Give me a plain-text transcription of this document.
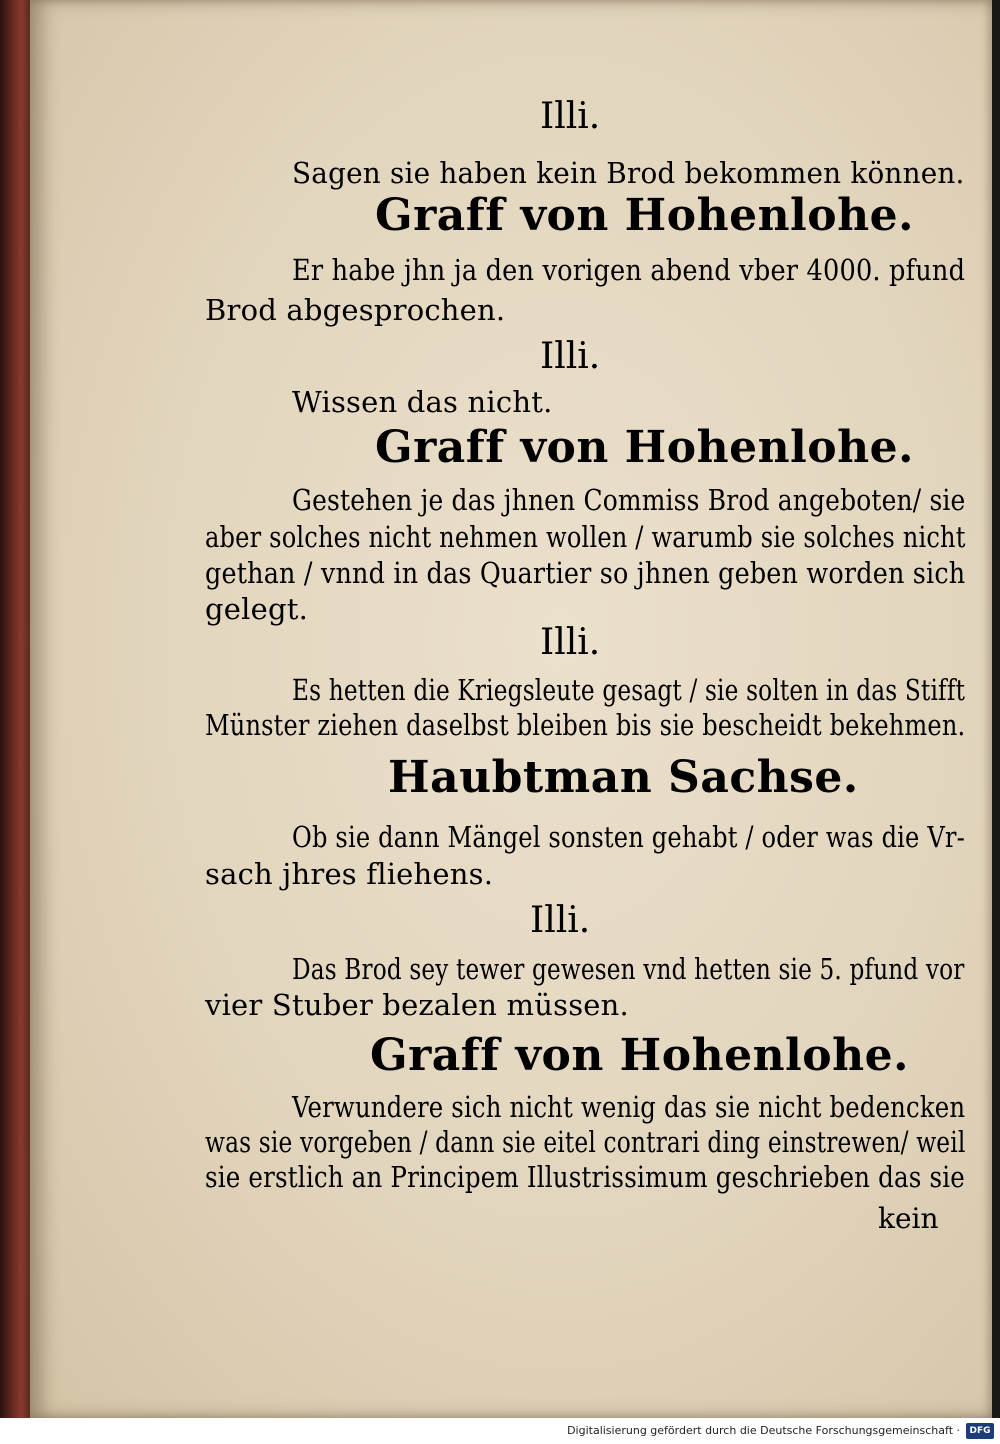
Illi.
Sagen sie haben kein Brod bekommen können.
Graff von Hohenlohe.
Er habe jhn ja den vorigen abend vber 4000. pfund
Brod abgesprochen.
Illi.
Wissen das nicht.
Graff von Hohenlohe.
Gestehen je das jhnen Commiss Brod angeboten/ sie
aber solches nicht nehmen wollen / warumb sie solches nicht
gethan / vnnd in das Quartier so jhnen geben worden sich
gelegt.
Illi.
Es hetten die Kriegsleute gesagt / sie solten in das Stifft
Münster ziehen daselbst bleiben bis sie bescheidt bekehmen.
Haubtman Sachse.
Ob sie dann Mängel sonsten gehabt / oder was die Vr-
sach jhres fliehens.
Illi.
Das Brod sey tewer gewesen vnd hetten sie 5. pfund vor
vier Stuber bezalen müssen.
Graff von Hohenlohe.
Verwundere sich nicht wenig das sie nicht bedencken
was sie vorgeben / dann sie eitel contrari ding einstrewen/ weil
sie erstlich an Principem Illustrissimum geschrieben das sie
kein
Digitalisierung gefördert durch die Deutsche Forschungsgemeinschaft ·	DFG
